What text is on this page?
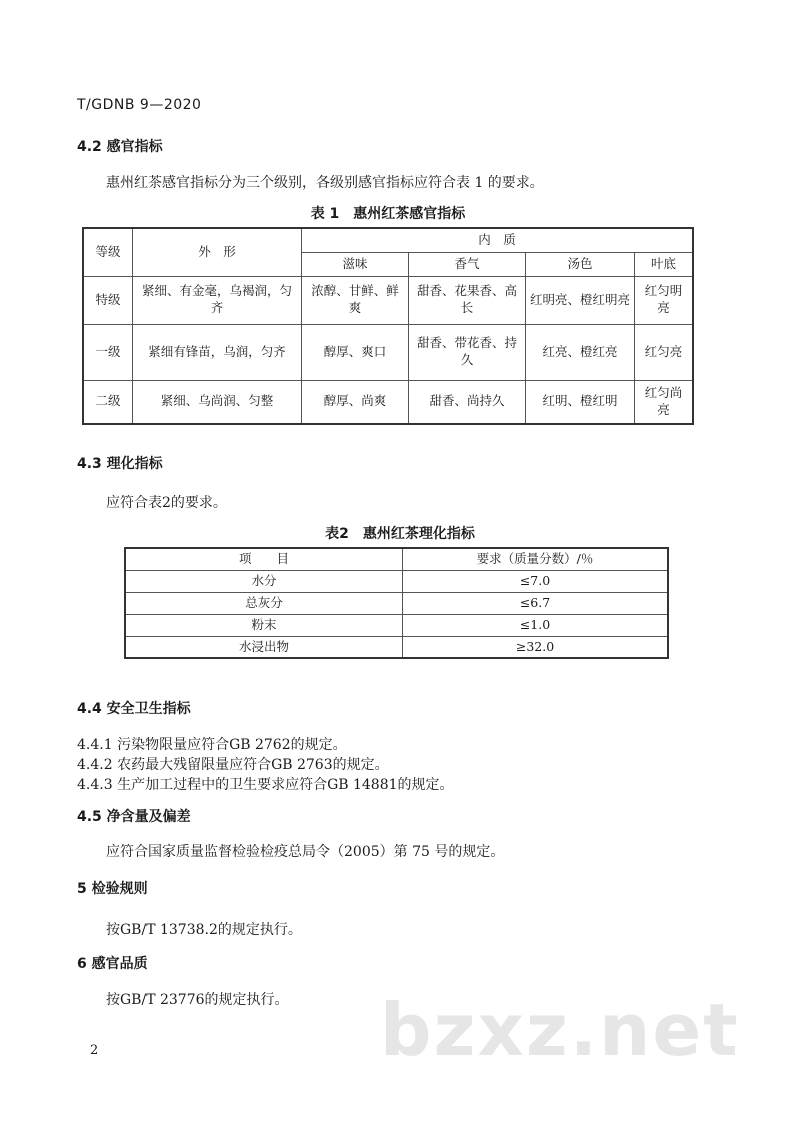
T/GDNB 9—2020
4.2 感官指标
惠州红茶感官指标分为三个级别，各级别感官指标应符合表 1 的要求。
表 1　惠州红茶感官指标
等级	外　形	内　质			
		滋味	香气	汤色	叶底
特级	紧细、有金毫，乌褐润，匀齐	浓醇、甘鲜、鲜爽	甜香、花果香、高长	红明亮、橙红明亮	红匀明亮
一级	紧细有锋苗，乌润，匀齐	醇厚、爽口	甜香、带花香、持久	红亮、橙红亮	红匀亮
二级	紧细、乌尚润、匀整	醇厚、尚爽	甜香、尚持久	红明、橙红明	红匀尚亮
4.3 理化指标
应符合表2的要求。
表2　惠州红茶理化指标
项　　目	要求（质量分数）/％
水分	≤7.0
总灰分	≤6.7
粉末	≤1.0
水浸出物	≥32.0
4.4 安全卫生指标
4.4.1 污染物限量应符合GB 2762的规定。
4.4.2 农药最大残留限量应符合GB 2763的规定。
4.4.3 生产加工过程中的卫生要求应符合GB 14881的规定。
4.5 净含量及偏差
应符合国家质量监督检验检疫总局令（2005）第 75 号的规定。
5 检验规则
按GB/T 13738.2的规定执行。
6 感官品质
按GB/T 23776的规定执行。 bzxz.net
2
